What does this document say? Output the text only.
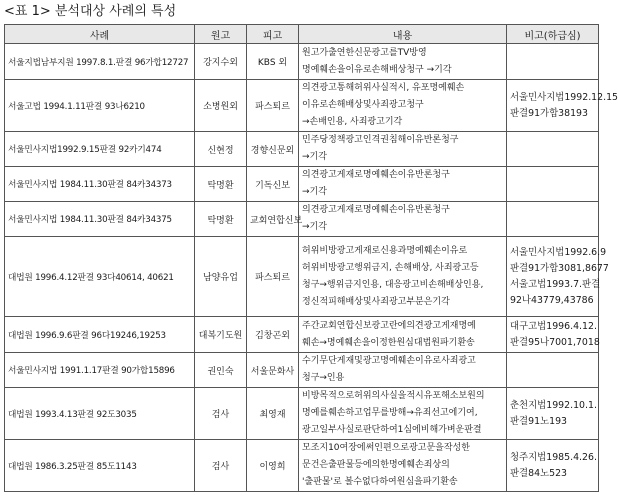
<표 1> 분석대상 사례의 특성
사례	원고	피고	내용	비고(하급심)
서울지법남부지원 1997.8.1.판결 96가합12727	강지수외	KBS 외	원고가출연한신문광고를TV방영
명예훼손을이유로손해배상청구 →기각	

서울고법 1994.1.11판결 93나6210	소병원외	파스퇴르	의견광고통해허위사실적시, 유포명예훼손
이유로손해배상및사죄광고청구
→손배인용, 사죄광고기각	서울민사지법1992.12.15
판결91가합38193

서울민사지법1992.9.15판결 92카기474	신현정	경향신문외	민주당정책광고인격권침해이유반론청구
→기각	

서울민사지법 1984.11.30판결 84카34373	탁명환	기독신보	의견광고게재로명예훼손이유반론청구
→기각	

서울민사지법 1984.11.30판결 84카34375	탁명환	교회연합신보	의견광고게재로명예훼손이유반론청구
→기각	

대법원 1996.4.12판결 93다40614, 40621	남양유업	파스퇴르	허위비방광고게재로신용과명예훼손이유로
허위비방광고행위금지, 손해배상, 사죄광고등
청구→행위금지인용, 대응광고비손해배상인용,
정신적피해배상및사죄광고부분은기각	서울민사지법1992.6.9
판결91가합3081,8677
서울고법1993.7.판결
92나43779,43786

대법원 1996.9.6판결 96다19246,19253	대복기도원	김창곤외	주간교회연합신보광고란에의견광고게재명예
훼손→명예훼손을이정한원심대법원파기환송	대구고법1996.4.12.
판결95나7001,7018

서울민사지법 1991.1.17판결 90가합15896	권인숙	서울문화사	수기무단게재및광고명예훼손이유로사죄광고
청구→인용	

대법원 1993.4.13판결 92도3035	검사	최영재	비방목적으로허위의사실을적시유포해소보원의
명예를훼손하고업무를방해→유죄선고에기여,
광고일부사실로판단하여1심에비해가벼운판결	춘천지법1992.10.1.
판결91노193

대법원 1986.3.25판결 85도1143	검사	이영희	모조지10여장에써인편으로광고문을작성한
문건은출판물등에의한명예훼손죄상의
'출판물'로 볼수없다하여원심을파기환송	청주지법1985.4.26.
판결84노523
